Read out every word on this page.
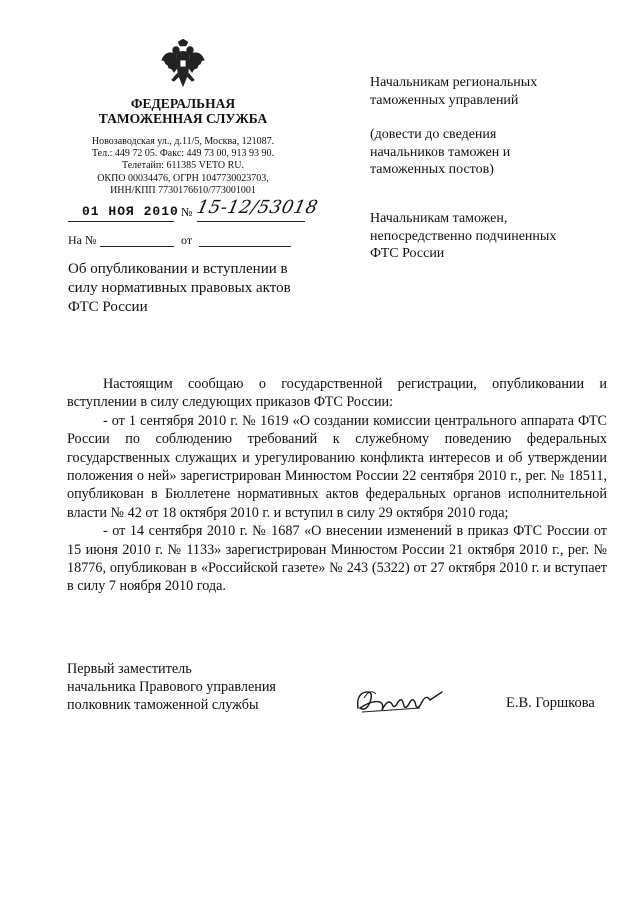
ФЕДЕРАЛЬНАЯ
ТАМОЖЕННАЯ СЛУЖБА
Новозаводская ул., д.11/5, Москва, 121087.
Тел.: 449 72 05. Факс: 449 73 00, 913 93 90.
Телетайп: 611385 VETO RU.
ОКПО 00034476, ОГРН 1047730023703,
ИНН/КПП 7730176610/773001001
01 НОЯ 2010 № 15-12/53018
На №	от
Об опубликовании и вступлении в
силу нормативных правовых актов
ФТС России
Начальникам региональных
таможенных управлений
(довести до сведения
начальников таможен и
таможенных постов)
Начальникам таможен,
непосредственно подчиненных
ФТС России

Настоящим сообщаю о государственной регистрации, опубликовании и вступлении в силу следующих приказов ФТС России:

- от 1 сентября 2010 г. № 1619 «О создании комиссии центрального аппарата ФТС России по соблюдению требований к служебному поведению федеральных государственных служащих и урегулированию конфликта интересов и об утверждении положения о ней» зарегистрирован Минюстом России 22 сентября 2010 г., рег. № 18511, опубликован в Бюллетене нормативных актов федеральных органов исполнительной власти № 42 от 18 октября 2010 г. и вступил в силу 29 октября 2010 года;

- от 14 сентября 2010 г. № 1687 «О внесении изменений в приказ ФТС России от 15 июня 2010 г. № 1133» зарегистрирован Минюстом России 21 октября 2010 г., рег. № 18776, опубликован в «Российской газете» № 243 (5322) от 27 октября 2010 г. и вступает в силу 7 ноября 2010 года.

Первый заместитель
начальника Правового управления
полковник таможенной службы	Е.В. Горшкова
